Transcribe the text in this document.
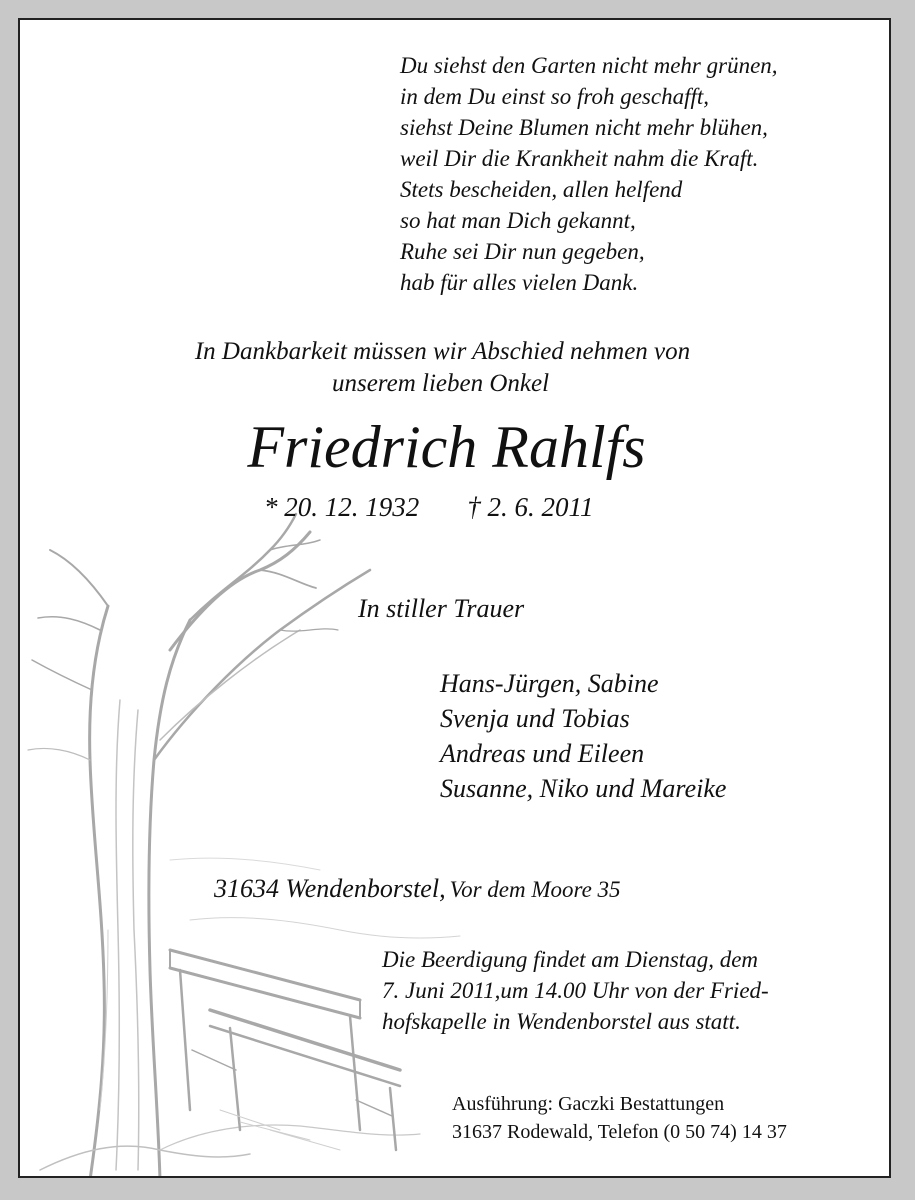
Du siehst den Garten nicht mehr grünen,
in dem Du einst so froh geschafft,
siehst Deine Blumen nicht mehr blühen,
weil Dir die Krankheit nahm die Kraft.
Stets bescheiden, allen helfend
so hat man Dich gekannt,
Ruhe sei Dir nun gegeben,
hab für alles vielen Dank.
In Dankbarkeit müssen wir Abschied nehmen von
unserem lieben Onkel
Friedrich Rahlfs
* 20. 12. 1932 † 2. 6. 2011
In stiller Trauer
Hans-Jürgen, Sabine
Svenja und Tobias
Andreas und Eileen
Susanne, Niko und Mareike
31634 Wendenborstel, Vor dem Moore 35
Die Beerdigung findet am Dienstag, dem
7. Juni 2011,um 14.00 Uhr von der Fried-
hofskapelle in Wendenborstel aus statt.
Ausführung: Gaczki Bestattungen
31637 Rodewald, Telefon (0 50 74) 14 37
